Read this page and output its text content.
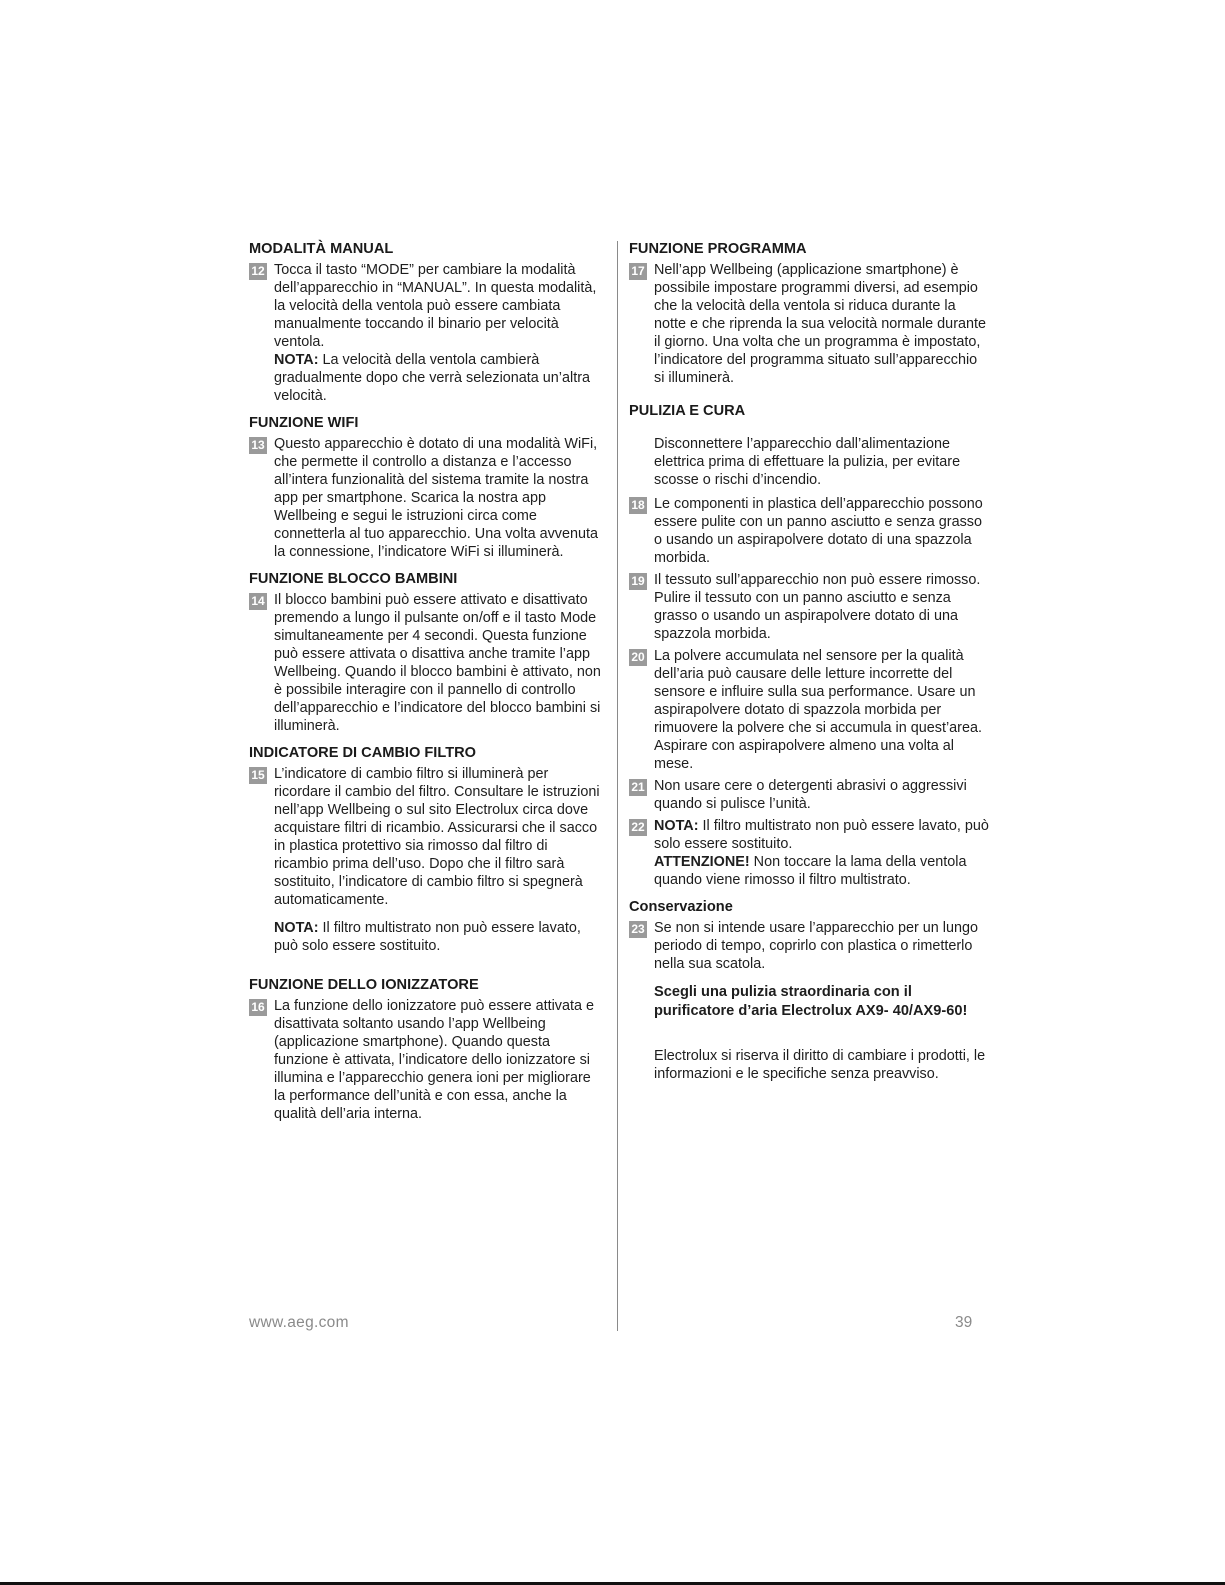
MODALITÀ MANUAL
12 Tocca il tasto “MODE” per cambiare la modalità dell’apparecchio in “MANUAL”. In questa modalità, la velocità della ventola può essere cambiata manualmente toccando il binario per velocità ventola.

NOTA: La velocità della ventola cambierà gradualmente dopo che verrà selezionata un’altra velocità.

FUNZIONE WIFI
13 Questo apparecchio è dotato di una modalità WiFi, che permette il controllo a distanza e l’accesso all’intera funzionalità del sistema tramite la nostra app per smartphone. Scarica la nostra app Wellbeing e segui le istruzioni circa come connetterla al tuo apparecchio. Una volta avvenuta la connessione, l’indicatore WiFi si illuminerà.

FUNZIONE BLOCCO BAMBINI
14 Il blocco bambini può essere attivato e disattivato premendo a lungo il pulsante on/off e il tasto Mode simultaneamente per 4 secondi. Questa funzione può essere attivata o disattiva anche tramite l’app Wellbeing. Quando il blocco bambini è attivato, non è possibile interagire con il pannello di controllo dell’apparecchio e l’indicatore del blocco bambini si illuminerà.

INDICATORE DI CAMBIO FILTRO
15 L’indicatore di cambio filtro si illuminerà per ricordare il cambio del filtro. Consultare le istruzioni nell’app Wellbeing o sul sito Electrolux circa dove acquistare filtri di ricambio. Assicurarsi che il sacco in plastica protettivo sia rimosso dal filtro di ricambio prima dell’uso. Dopo che il filtro sarà sostituito, l’indicatore di cambio filtro si spegnerà automaticamente.

NOTA: Il filtro multistrato non può essere lavato, può solo essere sostituito.

FUNZIONE DELLO IONIZZATORE
16 La funzione dello ionizzatore può essere attivata e disattivata soltanto usando l’app Wellbeing (applicazione smartphone). Quando questa funzione è attivata, l’indicatore dello ionizzatore si illumina e l’apparecchio genera ioni per migliorare la performance dell’unità e con essa, anche la qualità dell’aria interna.

FUNZIONE PROGRAMMA
17 Nell’app Wellbeing (applicazione smartphone) è possibile impostare programmi diversi, ad esempio che la velocità della ventola si riduca durante la notte e che riprenda la sua velocità normale durante il giorno. Una volta che un programma è impostato, l’indicatore del programma situato sull’apparecchio si illuminerà.

PULIZIA E CURA

Disconnettere l’apparecchio dall’alimentazione elettrica prima di effettuare la pulizia, per evitare scosse o rischi d’incendio.

18 Le componenti in plastica dell’apparecchio possono essere pulite con un panno asciutto e senza grasso o usando un aspirapolvere dotato di una spazzola morbida.

19 Il tessuto sull’apparecchio non può essere rimosso. Pulire il tessuto con un panno asciutto e senza grasso o usando un aspirapolvere dotato di una spazzola morbida.

20 La polvere accumulata nel sensore per la qualità dell’aria può causare delle letture incorrette del sensore e influire sulla sua performance. Usare un aspirapolvere dotato di spazzola morbida per rimuovere la polvere che si accumula in quest’area. Aspirare con aspirapolvere almeno una volta al mese.

21 Non usare cere o detergenti abrasivi o aggressivi quando si pulisce l’unità.

22 NOTA: Il filtro multistrato non può essere lavato, può solo essere sostituito.

ATTENZIONE! Non toccare la lama della ventola quando viene rimosso il filtro multistrato.

Conservazione
23 Se non si intende usare l’apparecchio per un lungo periodo di tempo, coprirlo con plastica o rimetterlo nella sua scatola.

Scegli una pulizia straordinaria con il purificatore d’aria Electrolux AX9- 40/AX9-60!

Electrolux si riserva il diritto di cambiare i prodotti, le informazioni e le specifiche senza preavviso.

www.aeg.com	39
